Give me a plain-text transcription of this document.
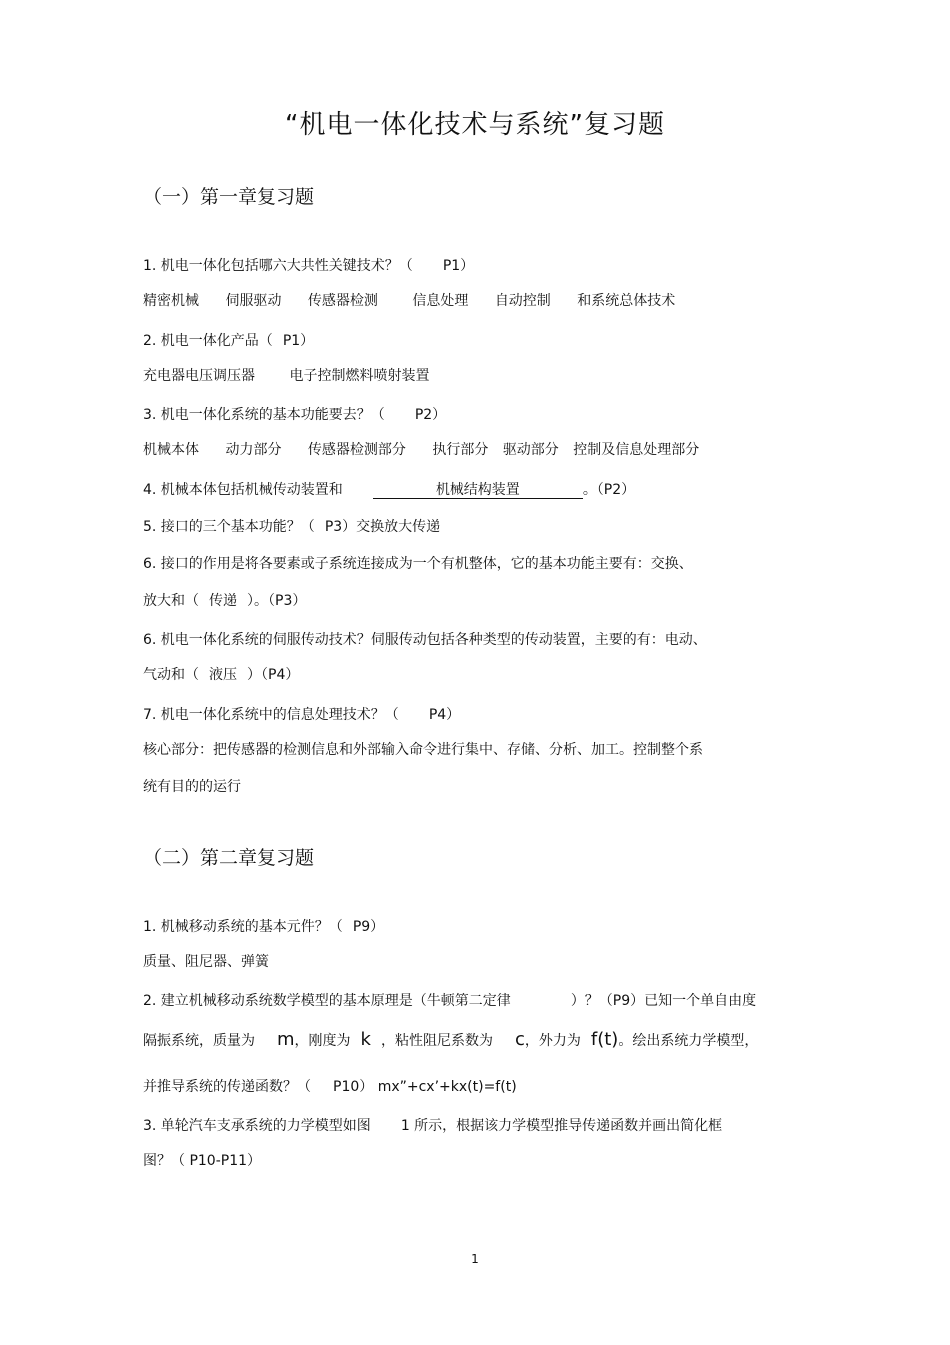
“机电一体化技术与系统”复习题
（一）第一章复习题

1. 机电一体化包括哪六大共性关键技术？（ P1）

精密机械 伺服驱动 传感器检测 信息处理 自动控制 和系统总体技术

2. 机电一体化产品（ P1）

充电器电压调压器 电子控制燃料喷射装置

3. 机电一体化系统的基本功能要去？（ P2）

机械本体 动力部分 传感器检测部分 执行部分 驱动部分 控制及信息处理部分

4. 机械本体包括机械传动装置和	机械结构装置	。（P2）

5. 接口的三个基本功能？（ P3）交换放大传递

6. 接口的作用是将各要素或子系统连接成为一个有机整体，它的基本功能主要有：交换、

放大和（ 传递 ）。（P3）

6. 机电一体化系统的伺服传动技术？伺服传动包括各种类型的传动装置，主要的有：电动、

气动和（ 液压 ）（P4）

7. 机电一体化系统中的信息处理技术？（ P4）

核心部分：把传感器的检测信息和外部输入命令进行集中、存储、分析、加工。控制整个系

统有目的的运行

（二）第二章复习题

1. 机械移动系统的基本元件？（ P9）

质量、阻尼器、弹簧

2. 建立机械移动系统数学模型的基本原理是（牛顿第二定律	）？（P9）已知一个单自由度

隔振系统，质量为 m，刚度为 k ，粘性阻尼系数为 c，外力为 f(t)。绘出系统力学模型，

并推导系统的传递函数？（ P10） mx”+cx’+kx(t)=f(t)

3. 单轮汽车支承系统的力学模型如图 1 所示，根据该力学模型推导传递函数并画出简化框

图？（ P10-P11）

1
